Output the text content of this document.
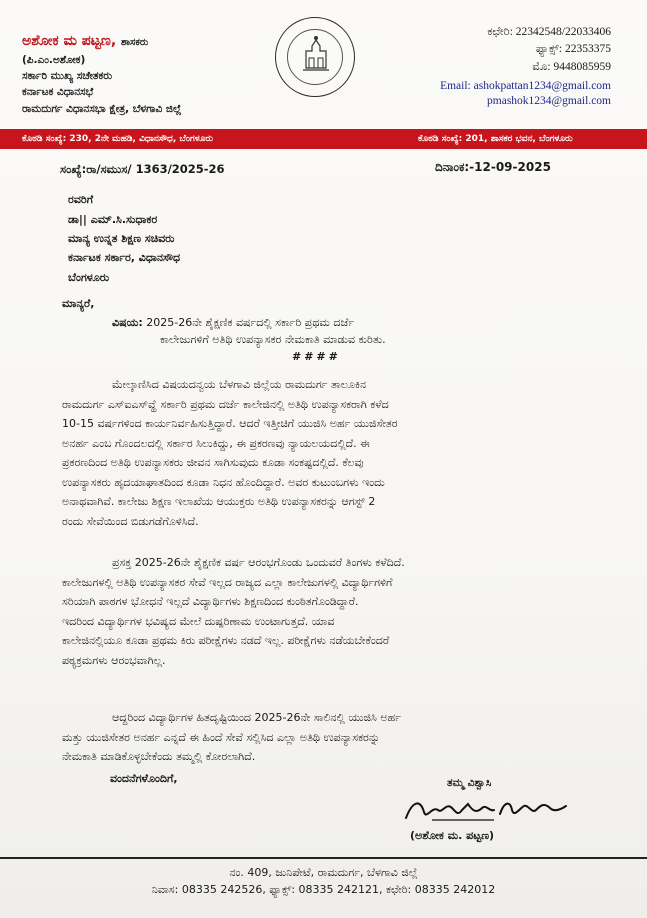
ಅಶೋಕ ಮ ಪಟ್ಟಣ, ಶಾಸಕರು
(ಪಿ.ಎಂ.ಅಶೋಕ)
ಸರ್ಕಾರಿ ಮುಖ್ಯ ಸಚೇತಕರು
ಕರ್ನಾಟಕ ವಿಧಾನಸಭೆ
ರಾಮದುರ್ಗ ವಿಧಾನಸಭಾ ಕ್ಷೇತ್ರ, ಬೆಳಗಾವಿ ಜಿಲ್ಲೆ
ಕಛೇರಿ: 22342548/22033406
ಫ್ಯಾಕ್ಸ್: 22353375
ಮೊ: 9448085959
Email: ashokpattan1234@gmail.com
pmashok1234@gmail.com
ಕೊಠಡಿ ಸಂಖ್ಯೆ: 230, 2ನೇ ಮಹಡಿ, ವಿಧಾನಸೌಧ, ಬೆಂಗಳೂರು	ಕೊಠಡಿ ಸಂಖ್ಯೆ: 201, ಶಾಸಕರ ಭವನ, ಬೆಂಗಳೂರು
ಸಂಖ್ಯೆ:ರಾ/ಸಮುಸ/ 1363/2025-26	ದಿನಾಂಕ:-12-09-2025
ರವರಿಗೆ
ಡಾ|| ಎಮ್.ಸಿ.ಸುಧಾಕರ
ಮಾನ್ಯ ಉನ್ನತ ಶಿಕ್ಷಣ ಸಚಿವರು
ಕರ್ನಾಟಕ ಸರ್ಕಾರ, ವಿಧಾನಸೌಧ
ಬೆಂಗಳೂರು
ಮಾನ್ಯರೆ,
ವಿಷಯ: 2025-26ನೇ ಶೈಕ್ಷಣಿಕ ವರ್ಷದಲ್ಲಿ ಸರ್ಕಾರಿ ಪ್ರಥಮ ದರ್ಜೆ
ಕಾಲೇಜುಗಳಿಗೆ ಅತಿಥಿ ಉಪನ್ಯಾಸಕರ ನೇಮಕಾತಿ ಮಾಡುವ ಕುರಿತು.
####
ಮೇಲ್ಕಾಣಿಸಿದ ವಿಷಯದನ್ವಯ ಬೆಳಗಾವಿ ಜಿಲ್ಲೆಯ ರಾಮದುರ್ಗ ತಾಲೂಕಿನ
ರಾಮದುರ್ಗ ಎಸ್‌ಐಎಸ್‌ವ್ಹೆ ಸರ್ಕಾರಿ ಪ್ರಥಮ ದರ್ಜೆ ಕಾಲೇಜಿನಲ್ಲಿ ಅತಿಥಿ ಉಪನ್ಯಾಸಕರಾಗಿ ಕಳೆದ
10-15 ವರ್ಷಗಳಿಂದ ಕಾರ್ಯನಿರ್ವಹಿಸುತ್ತಿದ್ದಾರೆ. ಆದರೆ ಇತ್ತೀಚಿಗೆ ಯುಜಿಸಿ ಅರ್ಹ ಯುಜಿಸೇತರ
ಅನರ್ಹ ಎಂಬ ಗೊಂದಲದಲ್ಲಿ ಸರ್ಕಾರ ಸಿಲುಕಿದ್ದು, ಈ ಪ್ರಕರಣವು ನ್ಯಾಯಲಯದಲ್ಲಿದೆ. ಈ
ಪ್ರಕರಣದಿಂದ ಅತಿಥಿ ಉಪನ್ಯಾಸಕರು ಜೀವನ ಸಾಗಿಸುವುದು ಕೂಡಾ ಸಂಕಷ್ಟದಲ್ಲಿದೆ. ಕೆಲವು
ಉಪನ್ಯಾಸಕರು ಹೃದಯಾಘಾತದಿಂದ ಕೂಡಾ ನಿಧನ ಹೊಂದಿದ್ದಾರೆ. ಅವರ ಕುಟುಂಬಗಳು ಇಂದು
ಅನಾಥವಾಗಿವೆ. ಕಾಲೇಜು ಶಿಕ್ಷಣ ಇಲಾಖೆಯ ಆಯುಕ್ತರು ಅತಿಥಿ ಉಪನ್ಯಾಸಕರನ್ನು ಆಗಸ್ಟ್ 2
ರಂದು ಸೇವೆಯಿಂದ ಬಿಡುಗಡೆಗೊಳಿಸಿದೆ.
ಪ್ರಸಕ್ತ 2025-26ನೇ ಶೈಕ್ಷಣಿಕ ವರ್ಷ ಆರಂಭಗೊಂಡು ಒಂದುವರೆ ತಿಂಗಳು ಕಳೆದಿದೆ.
ಕಾಲೇಜುಗಳಲ್ಲಿ ಅತಿಥಿ ಉಪನ್ಯಾಸಕರ ಸೇವೆ ಇಲ್ಲದ ರಾಜ್ಯದ ಎಲ್ಲಾ ಕಾಲೇಜುಗಳಲ್ಲಿ ವಿದ್ಯಾರ್ಥಿಗಳಿಗೆ
ಸರಿಯಾಗಿ ಪಾಠಗಳ ಭೋಧನೆ ಇಲ್ಲದೆ ವಿದ್ಯಾರ್ಥಿಗಳು ಶಿಕ್ಷಣದಿಂದ ಕುಂಠಿತಗೊಂಡಿದ್ದಾರೆ.
ಇದರಿಂದ ವಿದ್ಯಾರ್ಥಿಗಳ ಭವಿಷ್ಯದ ಮೇಲೆ ದುಷ್ಪರಿಣಾಮ ಉಂಟಾಗುತ್ತದೆ. ಯಾವ
ಕಾಲೇಜಿನಲ್ಲಿಯೂ ಕೂಡಾ ಪ್ರಥಮ ಕಿರು ಪರೀಕ್ಷೆಗಳು ನಡದೆ ಇಲ್ಲ. ಪರೀಕ್ಷೆಗಳು ನಡೆಯಬೇಕೆಂದರೆ
ಪಠ್ಯಕ್ರಮಗಳು ಆರಂಭವಾಗಿಲ್ಲ.
ಆದ್ದರಿಂದ ವಿದ್ಯಾರ್ಥಿಗಳ ಹಿತದೃಷ್ಟಿಯಿಂದ 2025-26ನೇ ಸಾಲಿನಲ್ಲಿ ಯುಜಿಸಿ ಅರ್ಹ
ಮತ್ತು ಯುಜಿಸೇತರ ಅನರ್ಹ ಎನ್ನದೆ ಈ ಹಿಂದೆ ಸೇವೆ ಸಲ್ಲಿಸಿದ ಎಲ್ಲಾ ಅತಿಥಿ ಉಪನ್ಯಾಸಕರನ್ನು
ನೇಮಕಾತಿ ಮಾಡಿಕೊಳ್ಳಬೇಕೆಂದು ತಮ್ಮಲ್ಲಿ ಕೋರಲಾಗಿದೆ.
ವಂದನೆಗಳೊಂದಿಗೆ,	ತಮ್ಮ ವಿಶ್ವಾಸಿ
(ಅಶೋಕ ಮ. ಪಟ್ಟಣ)
ನಂ. 409, ಜುನಿಪೇಟೆ, ರಾಮದುರ್ಗ, ಬೆಳಗಾವಿ ಜಿಲ್ಲೆ
ನಿವಾಸ: 08335 242526, ಫ್ಯಾಕ್ಸ್: 08335 242121, ಕಛೇರಿ: 08335 242012
